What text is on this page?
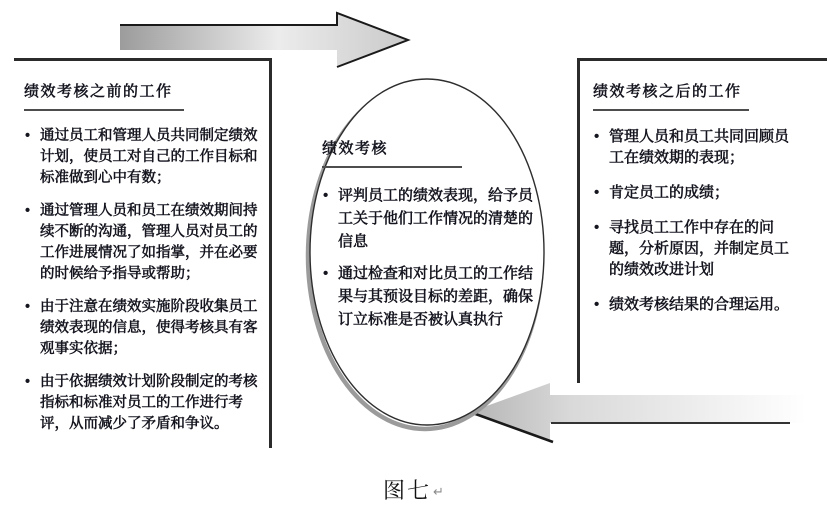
绩效考核之前的工作
• 通过员工和管理人员共同制定绩效计划，使员工对自己的工作目标和标准做到心中有数；
• 通过管理人员和员工在绩效期间持续不断的沟通，管理人员对员工的工作进展情况了如指掌，并在必要的时候给予指导或帮助；
• 由于注意在绩效实施阶段收集员工绩效表现的信息，使得考核具有客观事实依据；
• 由于依据绩效计划阶段制定的考核指标和标准对员工的工作进行考评，从而减少了矛盾和争议。
绩效考核
• 评判员工的绩效表现，给予员工关于他们工作情况的清楚的信息
• 通过检查和对比员工的工作结果与其预设目标的差距，确保订立标准是否被认真执行
绩效考核之后的工作
• 管理人员和员工共同回顾员工在绩效期的表现；
• 肯定员工的成绩；
• 寻找员工工作中存在的问题，分析原因，并制定员工的绩效改进计划
• 绩效考核结果的合理运用。
图七 ↵
